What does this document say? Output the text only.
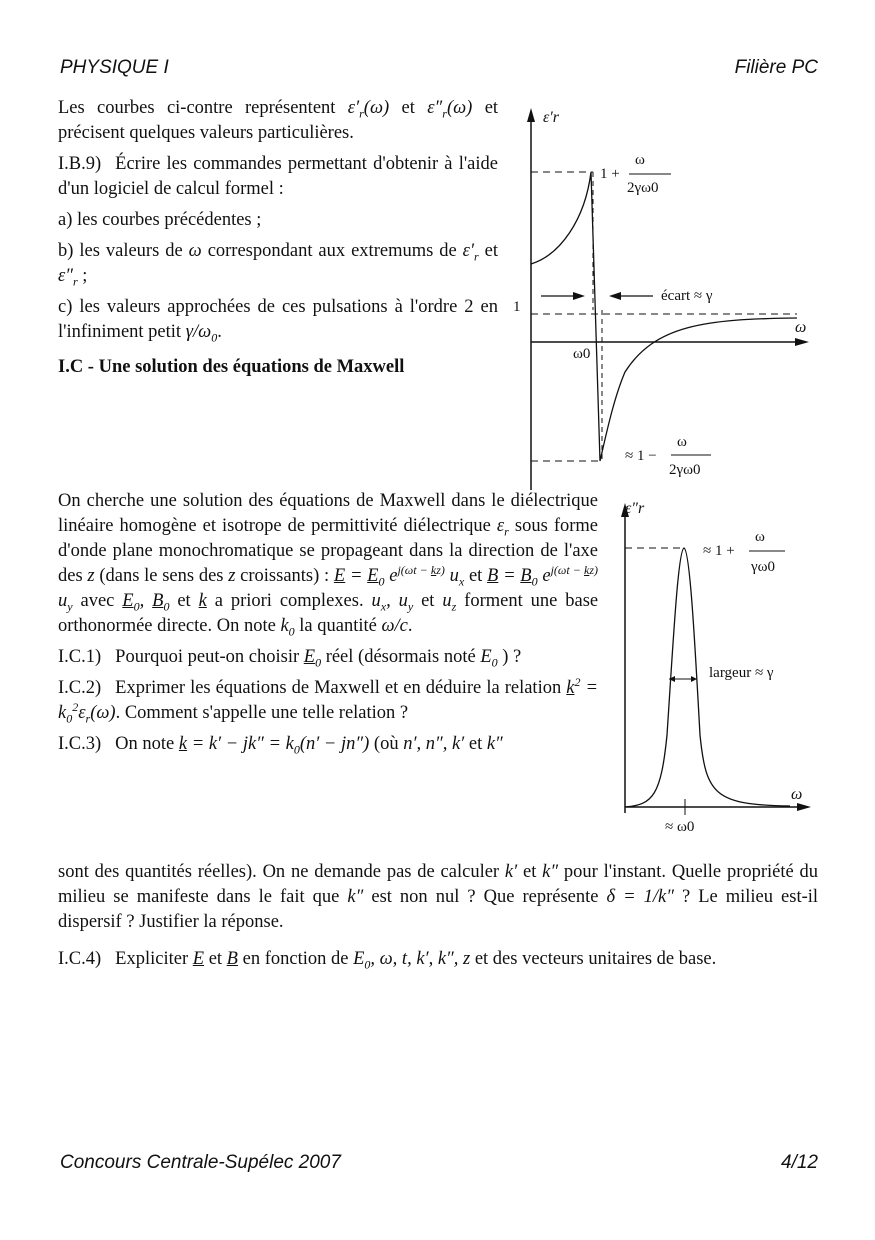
PHYSIQUE I	Filière PC

Les courbes ci-contre représentent $\varepsilon'_r(\omega)$ et $\varepsilon''_r(\omega)$ et précisent quelques valeurs particulières.

I.B.9) Écrire les commandes permettant d'obtenir à l'aide d'un logiciel de calcul formel :

a) les courbes précédentes ;

b) les valeurs de ω correspondant aux extremums de $\varepsilon'_r$ et $\varepsilon''_r$ ;

c) les valeurs approchées de ces pulsations à l'ordre 2 en l'infiniment petit $\gamma/\omega_0$.

I.C - Une solution des équations de Maxwell

On cherche une solution des équations de Maxwell dans le diélectrique linéaire homogène et isotrope de permittivité diélectrique $\varepsilon_r$ sous forme d'onde plane monochromatique se propageant dans la direction de l'axe des z (dans le sens des z croissants) : $E = E_0$ $e^{j(\omega t - kz)}$ $u_x$ et $B = B_0$ $e^{j(\omega t - kz)}$ $u_y$ avec $E_0$, $B_0$ et k a priori complexes. $u_x$, $u_y$ et $u_z$ forment une base orthonormée directe. On note $k_0$ la quantité ω/c.

I.C.1) Pourquoi peut-on choisir $E_0$ réel (désormais noté $E_0$ ) ?

I.C.2) Exprimer les équations de Maxwell et en déduire la relation $k^2 = k_0^2\varepsilon_r(\omega)$. Comment s'appelle une telle relation ?

I.C.3) On note $k = k' - jk'' = k_0(n' - jn'')$ (où n′, n″, k′ et k″

sont des quantités réelles). On ne demande pas de calculer k′ et k″ pour l'instant. Quelle propriété du milieu se manifeste dans le fait que k″ est non nul ? Que représente δ = 1/k″ ? Le milieu est-il dispersif ? Justifier la réponse.

I.C.4) Expliciter E et B en fonction de $E_0$, ω, t, k′, k″, z et des vecteurs unitaires de base.

ε′r
ω
1
ω0
1 +
ω
2γω0
écart ≈ γ
≈ 1 −
ω
2γω0
ε″r
ω
≈ ω0
≈ 1 +
ω
γω0
largeur ≈ γ
Concours Centrale-Supélec 2007	4/12
